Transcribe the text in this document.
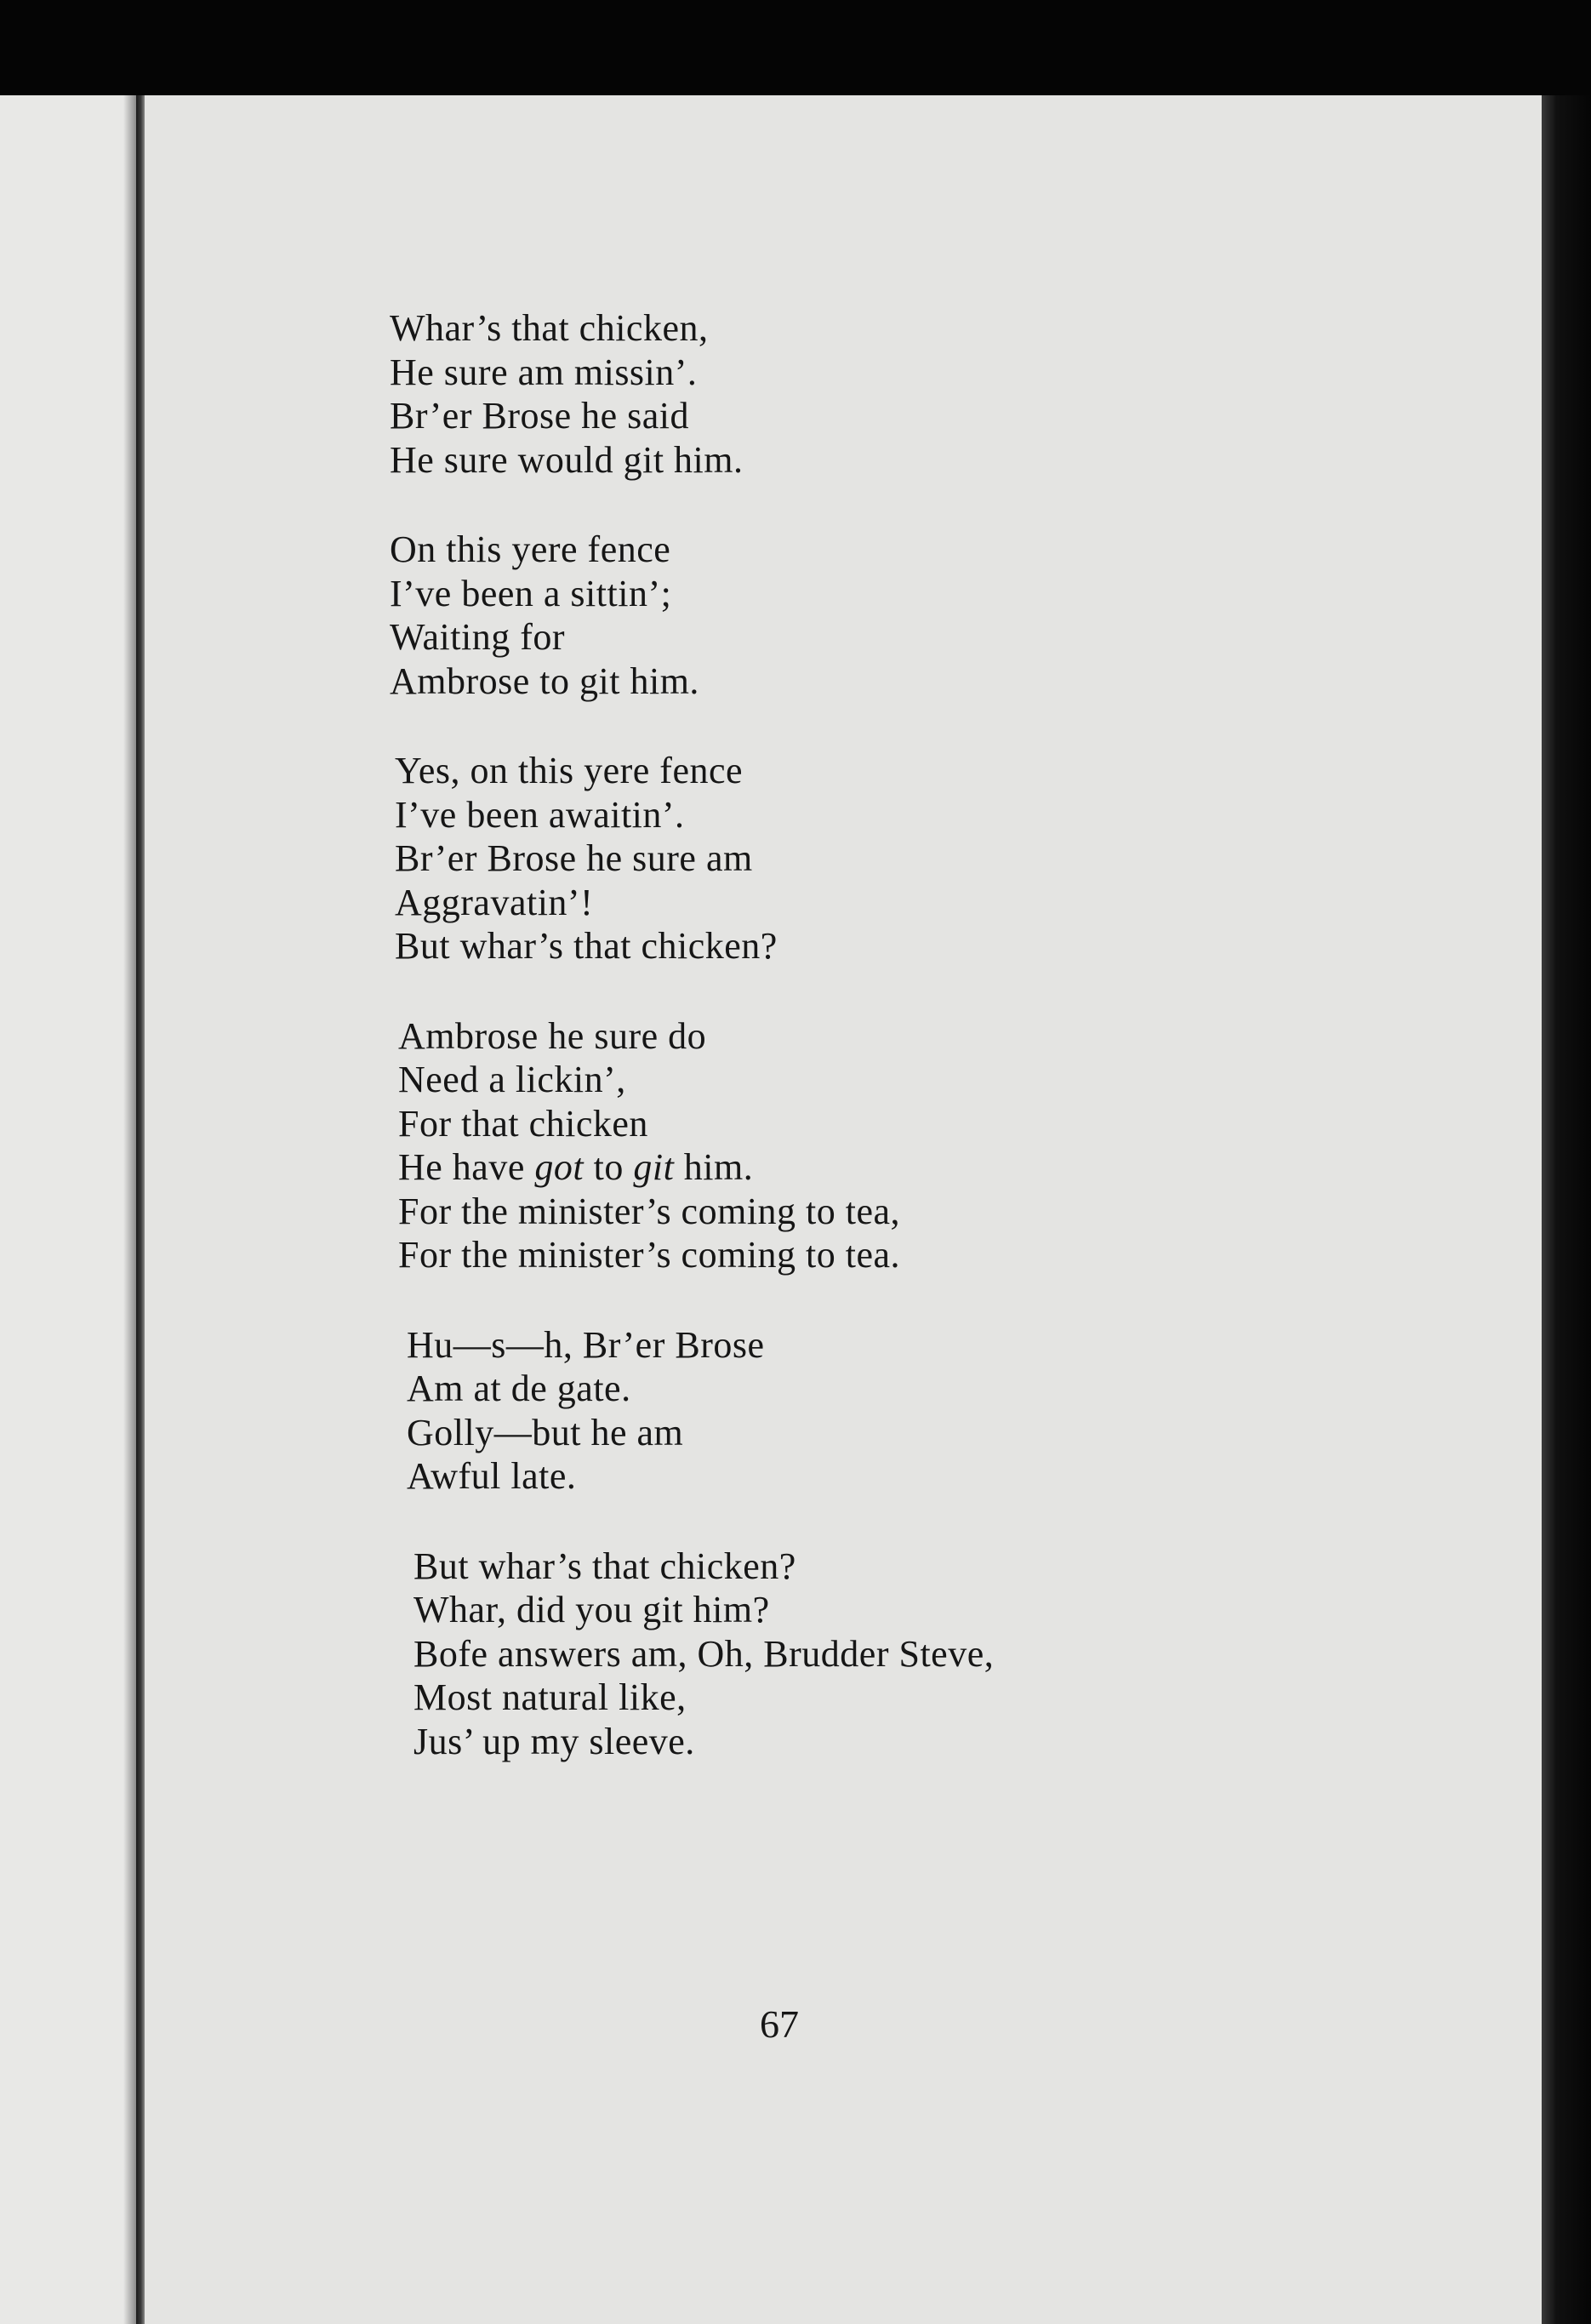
Whar’s that chicken,
He sure am missin’.
Br’er Brose he said
He sure would git him.
On this yere fence
I’ve been a sittin’;
Waiting for
Ambrose to git him.
Yes, on this yere fence
I’ve been awaitin’.
Br’er Brose he sure am
Aggravatin’!
But whar’s that chicken?
Ambrose he sure do
Need a lickin’,
For that chicken
He have got to git him.
For the minister’s coming to tea,
For the minister’s coming to tea.
Hu—s—h, Br’er Brose
Am at de gate.
Golly—but he am
Awful late.
But whar’s that chicken?
Whar, did you git him?
Bofe answers am, Oh, Brudder Steve,
Most natural like,
Jus’ up my sleeve.
67
